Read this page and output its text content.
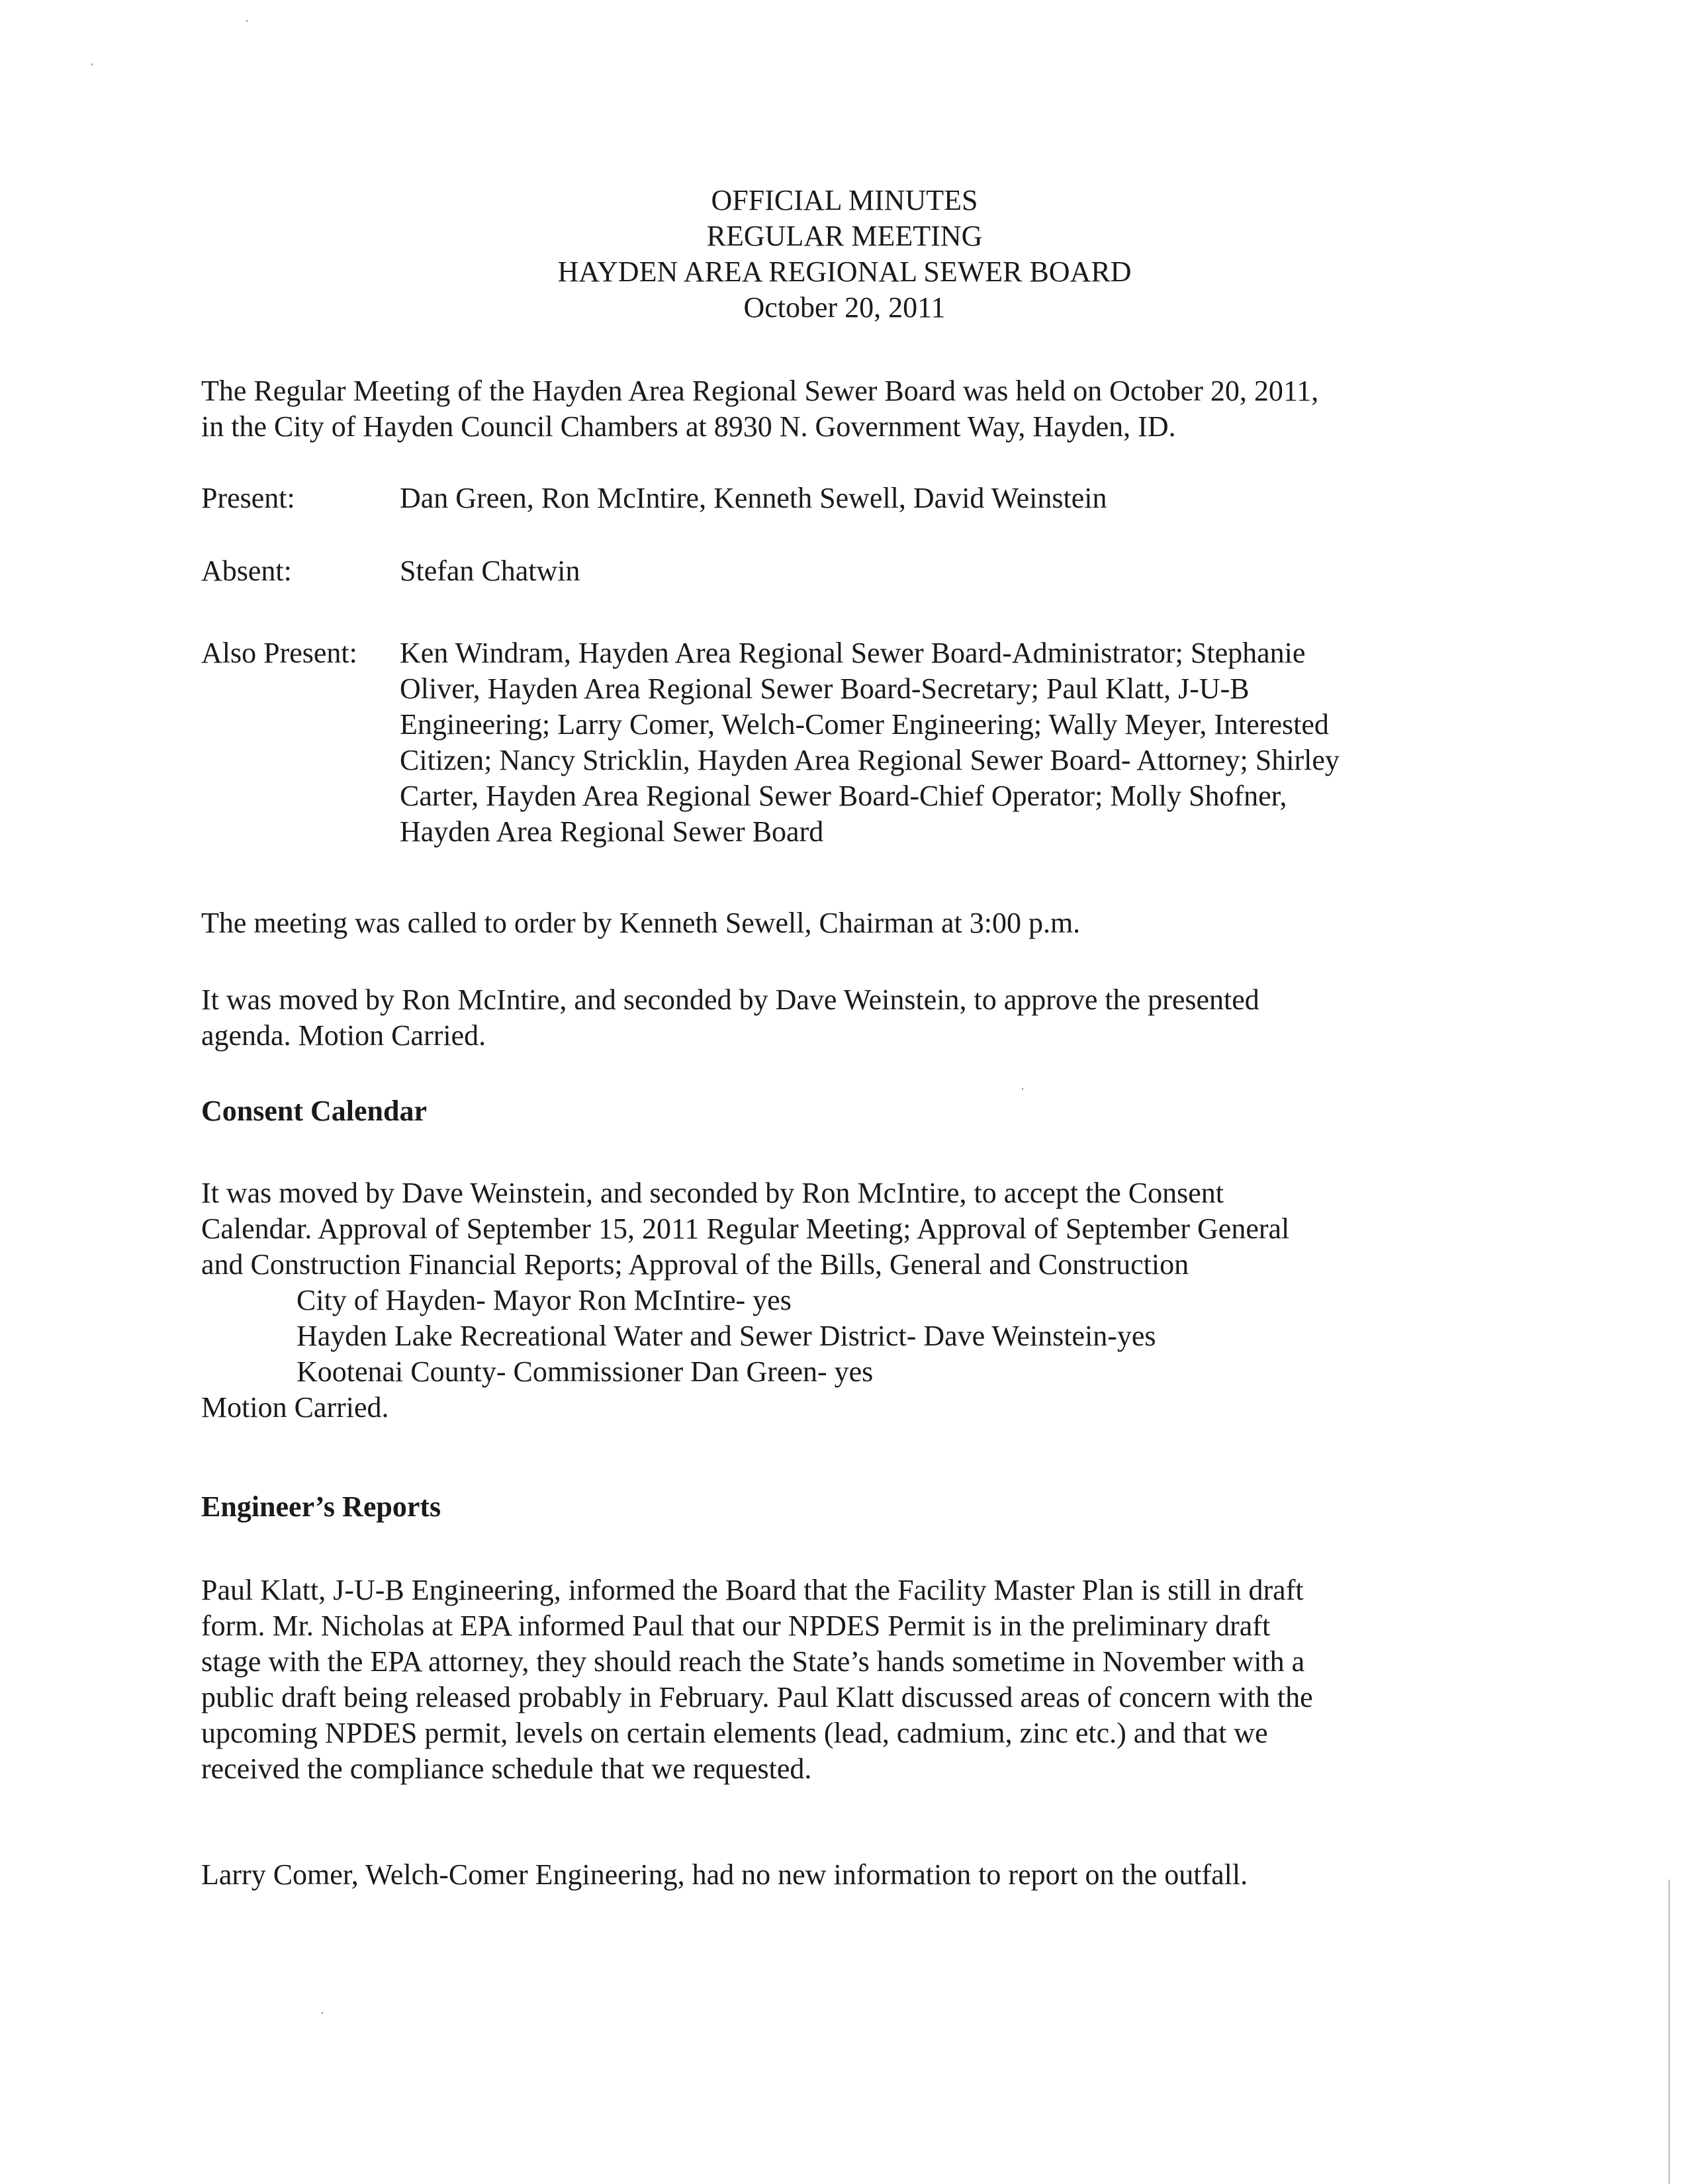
OFFICIAL MINUTES
REGULAR MEETING
HAYDEN AREA REGIONAL SEWER BOARD
October 20, 2011
The Regular Meeting of the Hayden Area Regional Sewer Board was held on October 20, 2011,
in the City of Hayden Council Chambers at 8930 N. Government Way, Hayden, ID.
Present:	Dan Green, Ron McIntire, Kenneth Sewell, David Weinstein
Absent:	Stefan Chatwin
Also Present:	Ken Windram, Hayden Area Regional Sewer Board-Administrator; Stephanie
Oliver, Hayden Area Regional Sewer Board-Secretary; Paul Klatt, J-U-B
Engineering; Larry Comer, Welch-Comer Engineering; Wally Meyer, Interested
Citizen; Nancy Stricklin, Hayden Area Regional Sewer Board- Attorney; Shirley
Carter, Hayden Area Regional Sewer Board-Chief Operator; Molly Shofner,
Hayden Area Regional Sewer Board
The meeting was called to order by Kenneth Sewell, Chairman at 3:00 p.m.
It was moved by Ron McIntire, and seconded by Dave Weinstein, to approve the presented
agenda. Motion Carried.
Consent Calendar
It was moved by Dave Weinstein, and seconded by Ron McIntire, to accept the Consent
Calendar. Approval of September 15, 2011 Regular Meeting; Approval of September General
and Construction Financial Reports; Approval of the Bills, General and Construction
City of Hayden- Mayor Ron McIntire- yes
Hayden Lake Recreational Water and Sewer District- Dave Weinstein-yes
Kootenai County- Commissioner Dan Green- yes
Motion Carried.
Engineer’s Reports
Paul Klatt, J-U-B Engineering, informed the Board that the Facility Master Plan is still in draft
form. Mr. Nicholas at EPA informed Paul that our NPDES Permit is in the preliminary draft
stage with the EPA attorney, they should reach the State’s hands sometime in November with a
public draft being released probably in February. Paul Klatt discussed areas of concern with the
upcoming NPDES permit, levels on certain elements (lead, cadmium, zinc etc.) and that we
received the compliance schedule that we requested.
Larry Comer, Welch-Comer Engineering, had no new information to report on the outfall.
